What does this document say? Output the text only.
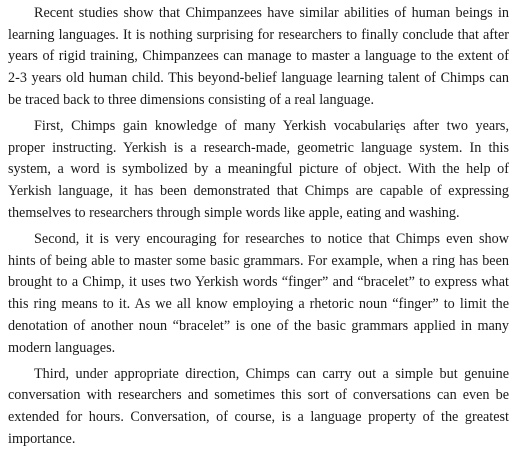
Recent studies show that Chimpanzees have similar abilities of human beings in learning languages. It is nothing surprising for researchers to finally conclude that after years of rigid training, Chimpanzees can manage to master a language to the extent of 2-3 years old human child. This beyond-belief language learning talent of Chimps can be traced back to three dimensions consisting of a real language.

First, Chimps gain knowledge of many Yerkish vocabularięs after two years, proper instructing. Yerkish is a research-made, geometric language system. In this system, a word is symbolized by a meaningful picture of object. With the help of Yerkish language, it has been demonstrated that Chimps are capable of expressing themselves to researchers through simple words like apple, eating and washing.

Second, it is very encouraging for researches to notice that Chimps even show hints of being able to master some basic grammars. For example, when a ring has been brought to a Chimp, it uses two Yerkish words “finger” and “bracelet” to express what this ring means to it. As we all know employing a rhetoric noun “finger” to limit the denotation of another noun “bracelet” is one of the basic grammars applied in many modern languages.

Third, under appropriate direction, Chimps can carry out a simple but genuine conversation with researchers and sometimes this sort of conversations can even be extended for hours. Conversation, of course, is a language property of the greatest importance.
